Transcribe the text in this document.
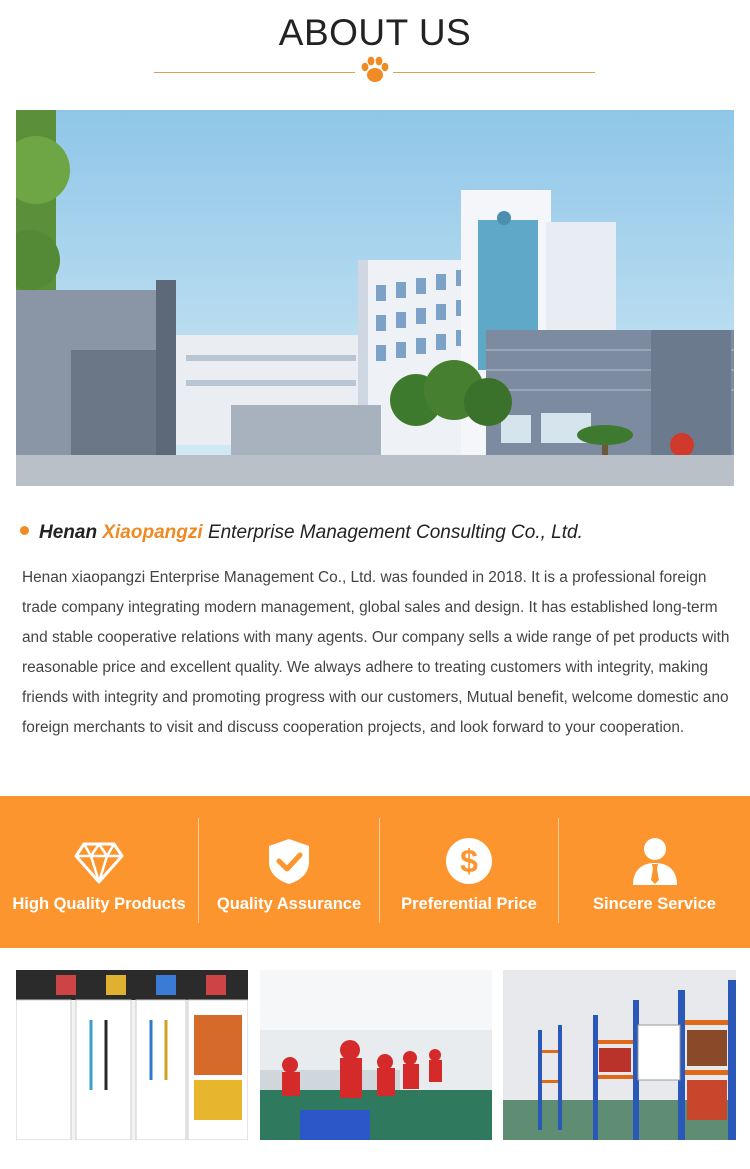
ABOUT US
Henan Xiaopangzi Enterprise Management Consulting Co., Ltd.
Henan xiaopangzi Enterprise Management Co., Ltd. was founded in 2018. It is a professional foreign trade company integrating modern management, global sales and design. It has established long-term and stable cooperative relations with many agents. Our company sells a wide range of pet products with reasonable price and excellent quality. We always adhere to treating customers with integrity, making friends with integrity and promoting progress with our customers, Mutual benefit, welcome domestic ano foreign merchants to visit and discuss cooperation projects, and look forward to your cooperation.
High Quality Products	Quality Assurance
$
Preferential Price	Sincere Service
